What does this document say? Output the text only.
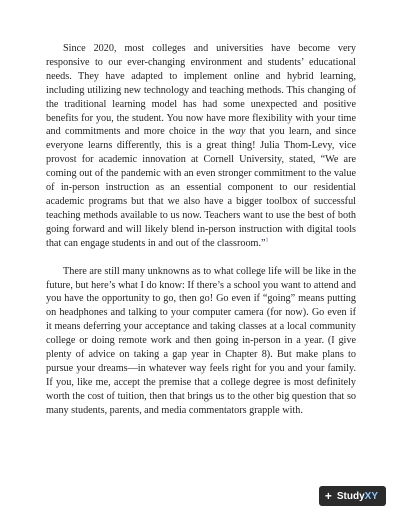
Since 2020, most colleges and universities have become very responsive to our ever-changing environment and students’ educational needs. They have adapted to implement online and hybrid learning, including utilizing new technology and teaching methods. This changing of the traditional learning model has had some unexpected and positive benefits for you, the student. You now have more flexibility with your time and commitments and more choice in the way that you learn, and since everyone learns differently, this is a great thing! Julia Thom-Levy, vice provost for academic innovation at Cornell University, stated, “We are coming out of the pandemic with an even stronger commitment to the value of in-person instruction as an essential component to our residential academic programs but that we also have a bigger toolbox of successful teaching methods available to us now. Teachers want to use the best of both going forward and will likely blend in-person instruction with digital tools that can engage students in and out of the classroom.”$^1$

There are still many unknowns as to what college life will be like in the future, but here’s what I do know: If there’s a school you want to attend and you have the opportunity to go, then go! Go even if “going” means putting on headphones and talking to your computer camera (for now). Go even if it means deferring your acceptance and taking classes at a local community college or doing remote work and then going in-person in a year. (I give plenty of advice on taking a gap year in Chapter 8). But make plans to pursue your dreams—in whatever way feels right for you and your family. If you, like me, accept the premise that a college degree is most definitely worth the cost of tuition, then that brings us to the other big question that so many students, parents, and media commentators grapple with.

+ StudyXY
